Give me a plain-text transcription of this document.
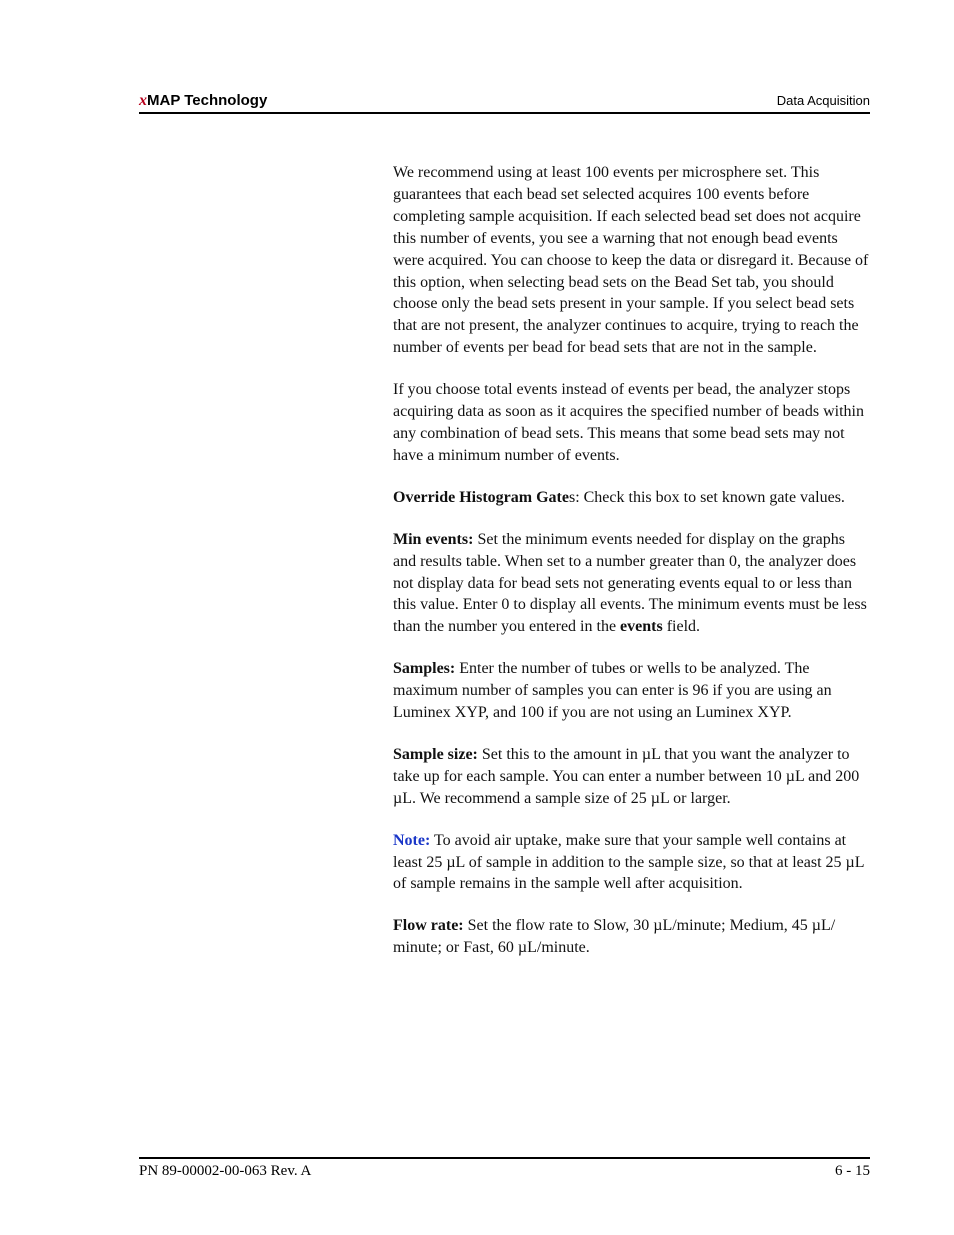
xMAP Technology	Data Acquisition

We recommend using at least 100 events per microsphere set. This guarantees that each bead set selected acquires 100 events before completing sample acquisition. If each selected bead set does not acquire this number of events, you see a warning that not enough bead events were acquired. You can choose to keep the data or disregard it. Because of this option, when selecting bead sets on the Bead Set tab, you should choose only the bead sets present in your sample. If you select bead sets that are not present, the analyzer continues to acquire, trying to reach the number of events per bead for bead sets that are not in the sample.

If you choose total events instead of events per bead, the analyzer stops acquiring data as soon as it acquires the specified number of beads within any combination of bead sets. This means that some bead sets may not have a minimum number of events.

Override Histogram Gates: Check this box to set known gate values.

Min events: Set the minimum events needed for display on the graphs and results table. When set to a number greater than 0, the analyzer does not display data for bead sets not generating events equal to or less than this value. Enter 0 to display all events. The minimum events must be less than the number you entered in the events field.

Samples: Enter the number of tubes or wells to be analyzed. The maximum number of samples you can enter is 96 if you are using an Luminex XYP, and 100 if you are not using an Luminex XYP.

Sample size: Set this to the amount in µL that you want the analyzer to take up for each sample. You can enter a number between 10 µL and 200 µL. We recommend a sample size of 25 µL or larger.

Note: To avoid air uptake, make sure that your sample well contains at least 25 µL of sample in addition to the sample size, so that at least 25 µL of sample remains in the sample well after acquisition.

Flow rate: Set the flow rate to Slow, 30 µL/minute; Medium, 45 µL/ minute; or Fast, 60 µL/minute.

PN 89-00002-00-063 Rev. A	6 - 15
